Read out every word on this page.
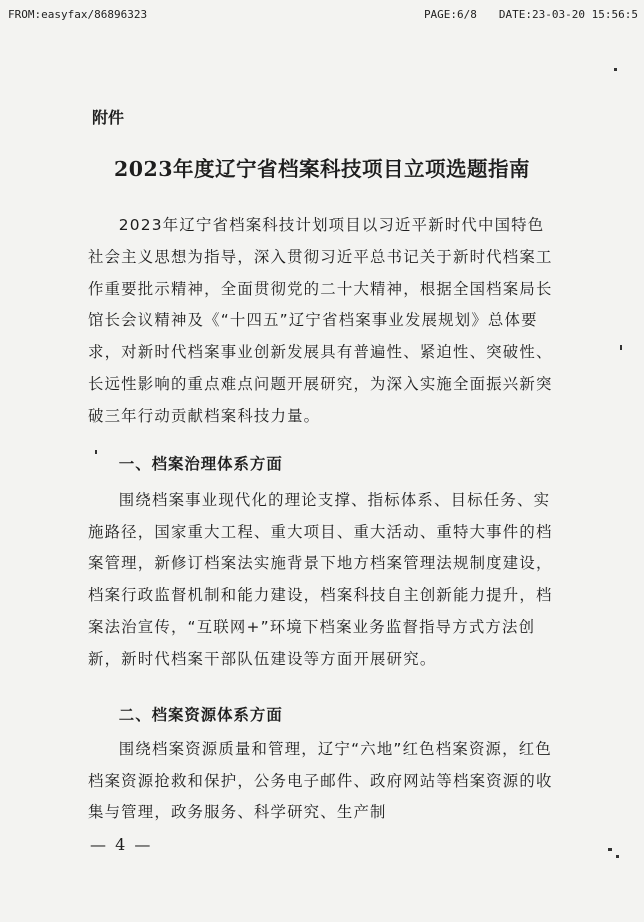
FROM:easyfax/86896323	PAGE:6/8 DATE:23-03-20 15:56:5
附件
2023年度辽宁省档案科技项目立项选题指南

2023年辽宁省档案科技计划项目以习近平新时代中国特色社会主义思想为指导，深入贯彻习近平总书记关于新时代档案工作重要批示精神，全面贯彻党的二十大精神，根据全国档案局长馆长会议精神及《“十四五”辽宁省档案事业发展规划》总体要求，对新时代档案事业创新发展具有普遍性、紧迫性、突破性、长远性影响的重点难点问题开展研究，为深入实施全面振兴新突破三年行动贡献档案科技力量。

一、档案治理体系方面

围绕档案事业现代化的理论支撑、指标体系、目标任务、实施路径，国家重大工程、重大项目、重大活动、重特大事件的档案管理，新修订档案法实施背景下地方档案管理法规制度建设，档案行政监督机制和能力建设，档案科技自主创新能力提升，档案法治宣传，“互联网+”环境下档案业务监督指导方式方法创新，新时代档案干部队伍建设等方面开展研究。

二、档案资源体系方面

围绕档案资源质量和管理，辽宁“六地”红色档案资源，红色档案资源抢救和保护，公务电子邮件、政府网站等档案资源的收集与管理，政务服务、科学研究、生产制

— 4 —
